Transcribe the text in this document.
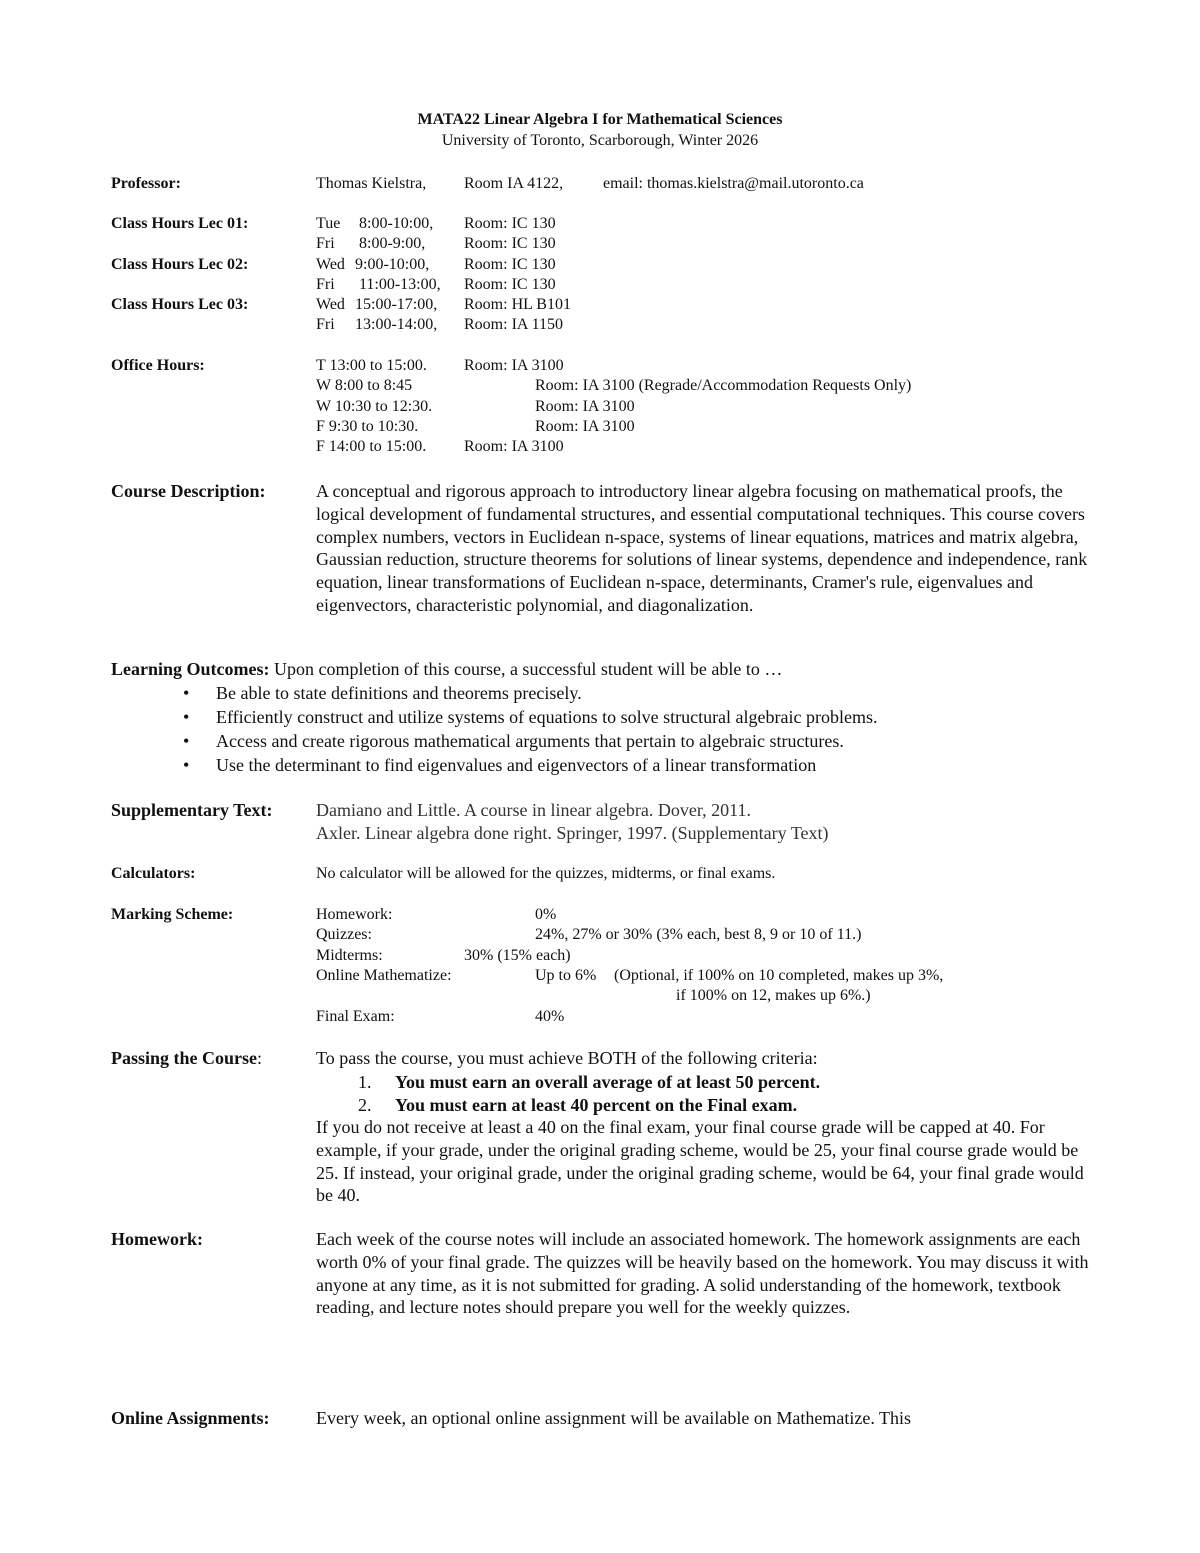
MATA22 Linear Algebra I for Mathematical Sciences
University of Toronto, Scarborough, Winter 2026
Professor:	Thomas Kielstra, Room IA 4122, email: thomas.kielstra@mail.utoronto.ca
Class Hours Lec 01:	Tue 8:00-10:00, Room: IC 130
Fri 8:00-9:00, Room: IC 130
Class Hours Lec 02:	Wed 9:00-10:00, Room: IC 130
Fri 11:00-13:00, Room: IC 130
Class Hours Lec 03:	Wed 15:00-17:00, Room: HL B101
Fri 13:00-14:00, Room: IA 1150
Office Hours:	T 13:00 to 15:00. Room: IA 3100
W 8:00 to 8:45	Room: IA 3100 (Regrade/Accommodation Requests Only)
W 10:30 to 12:30.	Room: IA 3100
F 9:30 to 10:30.	Room: IA 3100
F 14:00 to 15:00. Room: IA 3100
Course Description:	A conceptual and rigorous approach to introductory linear algebra focusing on mathematical proofs, the logical development of fundamental structures, and essential computational techniques. This course covers complex numbers, vectors in Euclidean n-space, systems of linear equations, matrices and matrix algebra, Gaussian reduction, structure theorems for solutions of linear systems, dependence and independence, rank equation, linear transformations of Euclidean n-space, determinants, Cramer's rule, eigenvalues and eigenvectors, characteristic polynomial, and diagonalization.
Learning Outcomes: Upon completion of this course, a successful student will be able to …
• Be able to state definitions and theorems precisely.
• Efficiently construct and utilize systems of equations to solve structural algebraic problems.
• Access and create rigorous mathematical arguments that pertain to algebraic structures.
• Use the determinant to find eigenvalues and eigenvectors of a linear transformation
Supplementary Text: Damiano and Little. A course in linear algebra. Dover, 2011.
Axler. Linear algebra done right. Springer, 1997. (Supplementary Text)
Calculators:	No calculator will be allowed for the quizzes, midterms, or final exams.
Marking Scheme:	Homework:	0%
Quizzes:	24%, 27% or 30% (3% each, best 8, 9 or 10 of 11.)
Midterms:	30% (15% each)
Online Mathematize:	Up to 6% (Optional, if 100% on 10 completed, makes up 3%,
if 100% on 12, makes up 6%.)
Final Exam:	40%
Passing the Course:	To pass the course, you must achieve BOTH of the following criteria:
1. You must earn an overall average of at least 50 percent.
2. You must earn at least 40 percent on the Final exam.
If you do not receive at least a 40 on the final exam, your final course grade will be capped at 40. For example, if your grade, under the original grading scheme, would be 25, your final course grade would be 25. If instead, your original grade, under the original grading scheme, would be 64, your final grade would be 40.
Homework:	Each week of the course notes will include an associated homework. The homework assignments are each worth 0% of your final grade. The quizzes will be heavily based on the homework. You may discuss it with anyone at any time, as it is not submitted for grading. A solid understanding of the homework, textbook reading, and lecture notes should prepare you well for the weekly quizzes.
Online Assignments:	Every week, an optional online assignment will be available on Mathematize. This
